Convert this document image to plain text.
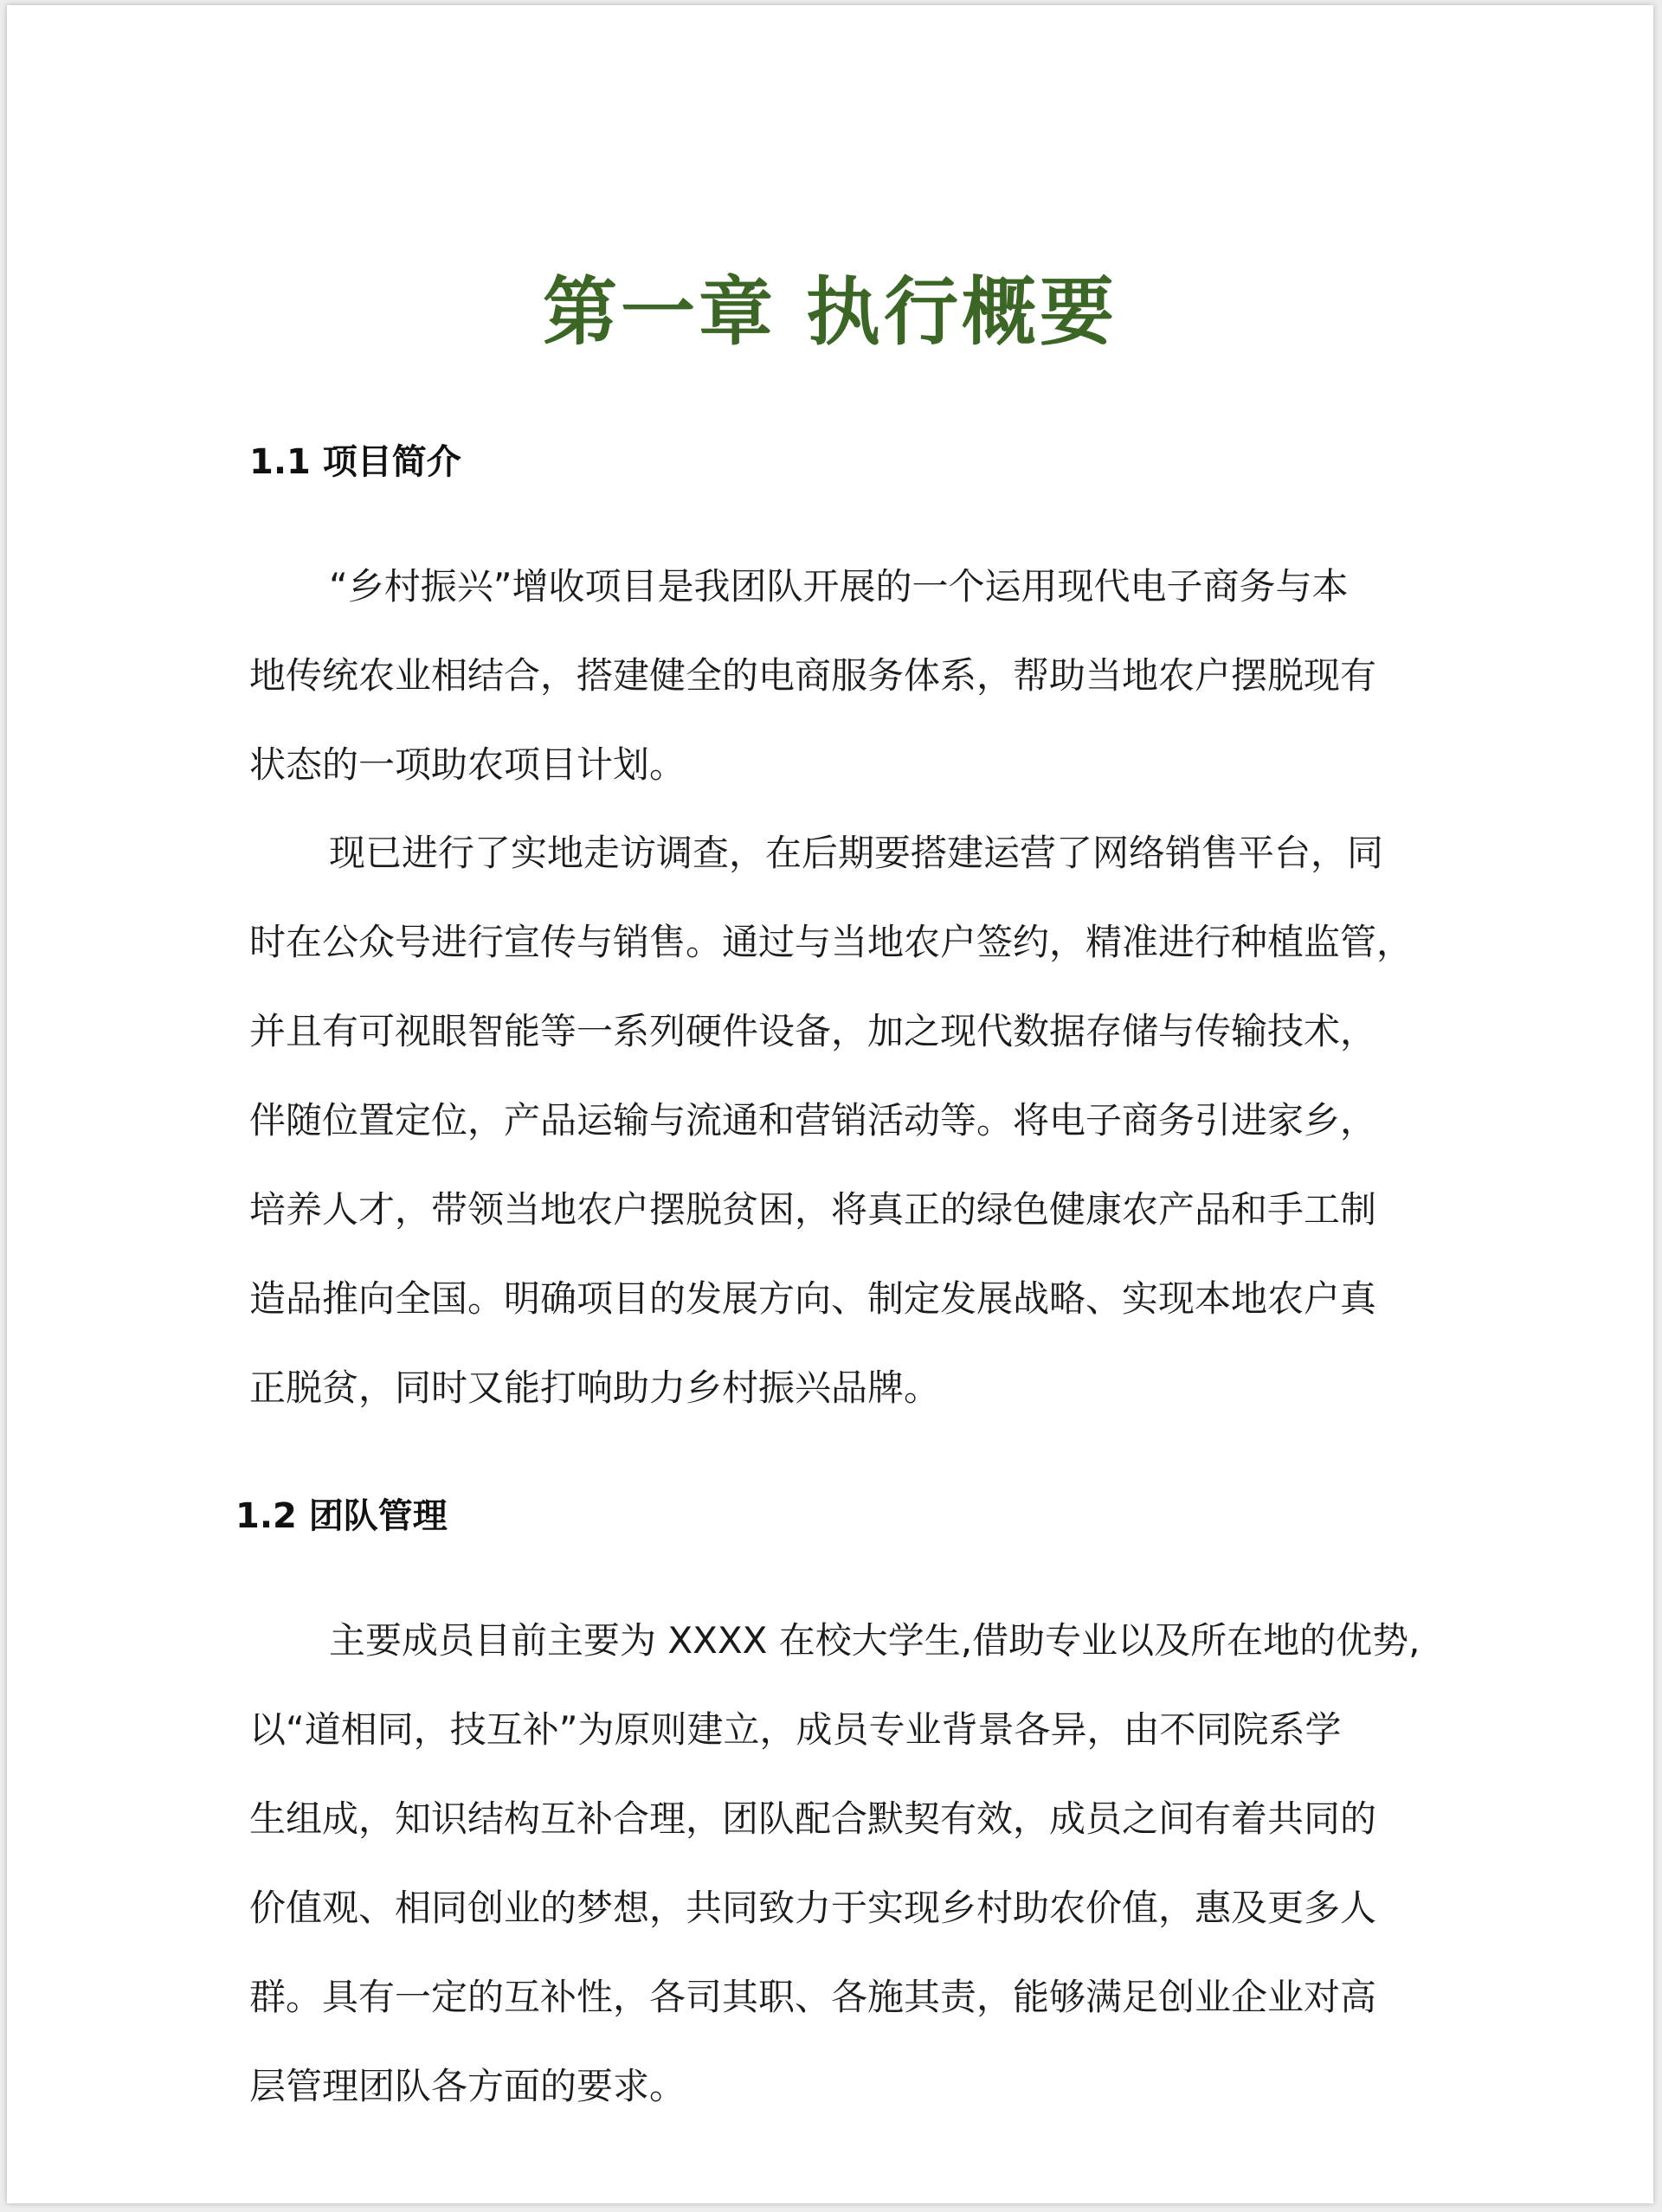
第一章 执行概要
1.1 项目简介
“乡村振兴”增收项目是我团队开展的一个运用现代电子商务与本
地传统农业相结合，搭建健全的电商服务体系，帮助当地农户摆脱现有
状态的一项助农项目计划。
现已进行了实地走访调查，在后期要搭建运营了网络销售平台，同
时在公众号进行宣传与销售。通过与当地农户签约，精准进行种植监管，
并且有可视眼智能等一系列硬件设备，加之现代数据存储与传输技术，
伴随位置定位，产品运输与流通和营销活动等。将电子商务引进家乡，
培养人才，带领当地农户摆脱贫困，将真正的绿色健康农产品和手工制
造品推向全国。明确项目的发展方向、制定发展战略、实现本地农户真
正脱贫，同时又能打响助力乡村振兴品牌。
1.2 团队管理
主要成员目前主要为 XXXX 在校大学生,借助专业以及所在地的优势,
以“道相同，技互补”为原则建立，成员专业背景各异，由不同院系学
生组成，知识结构互补合理，团队配合默契有效，成员之间有着共同的
价值观、相同创业的梦想，共同致力于实现乡村助农价值，惠及更多人
群。具有一定的互补性，各司其职、各施其责，能够满足创业企业对高
层管理团队各方面的要求。
